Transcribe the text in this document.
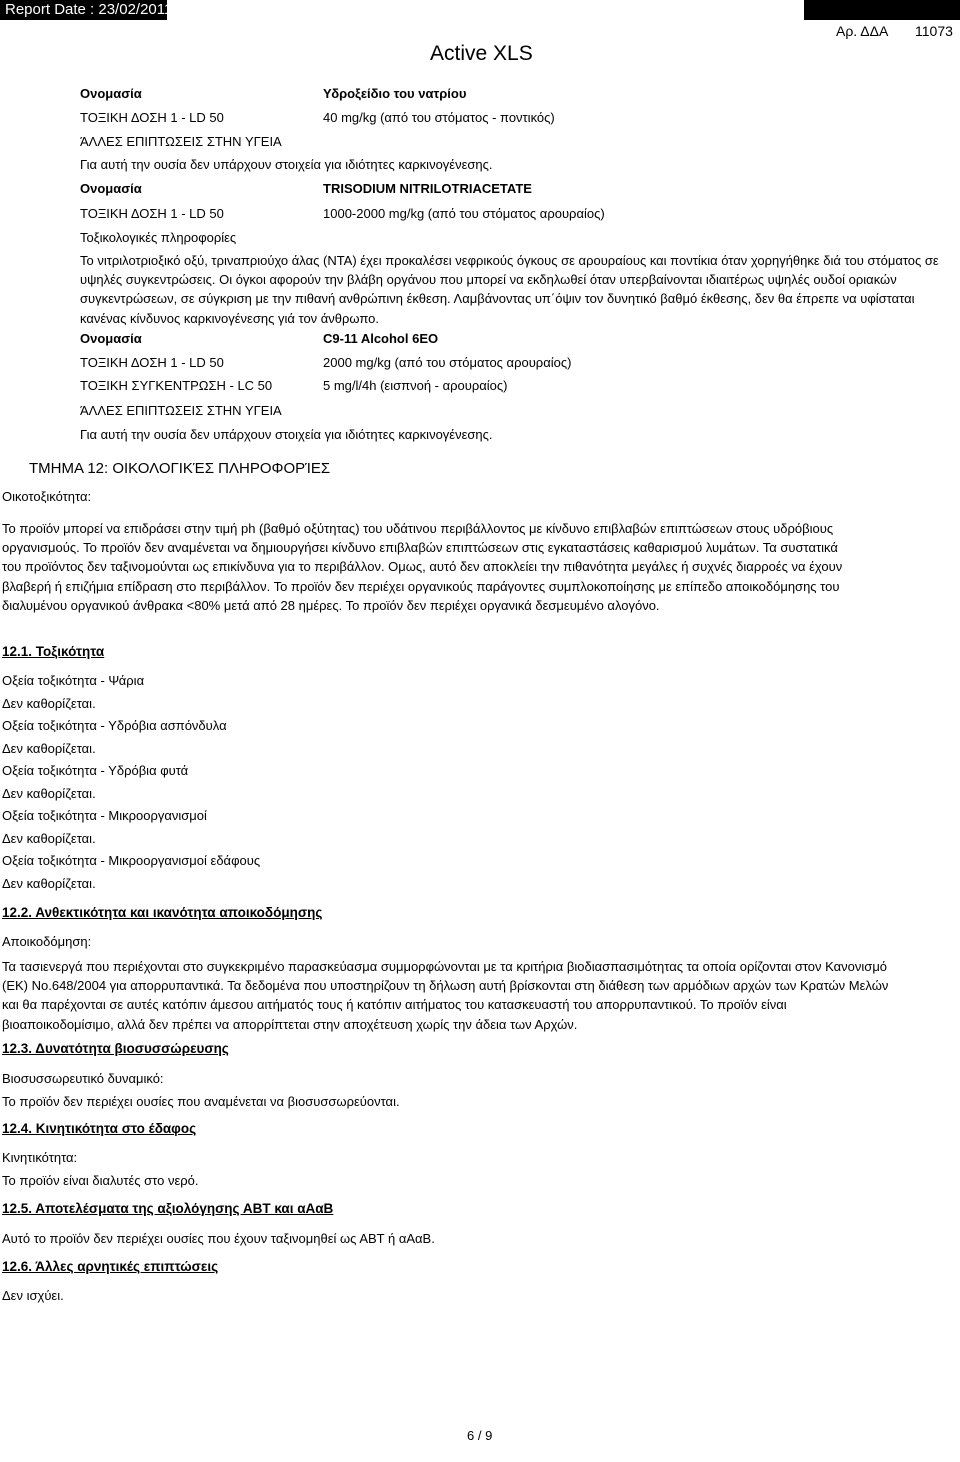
Report Date : 23/02/2011
Αρ. ΔΔΑ 11073
Active XLS
Ονομασία	Υδροξείδιο του νατρίου
ΤΟΞΙΚΗ ΔΟΣΗ 1 - LD 50	40 mg/kg (από του στόματος - ποντικός)
ΆΛΛΕΣ ΕΠΙΠΤΩΣΕΙΣ ΣΤΗΝ ΥΓΕΙΑ
Για αυτή την ουσία δεν υπάρχουν στοιχεία για ιδιότητες καρκινογένεσης.
Ονομασία	TRISODIUM NITRILOTRIACETATE
ΤΟΞΙΚΗ ΔΟΣΗ 1 - LD 50	1000-2000 mg/kg (από του στόματος αρουραίος)
Τοξικολογικές πληροφορίες
Το νιτριλοτριοξικό οξύ, τριναπριούχο άλας (ΝΤΑ) έχει προκαλέσει νεφρικούς όγκους σε αρουραίους και ποντίκια όταν χορηγήθηκε διά του στόματος σε υψηλές συγκεντρώσεις. Οι όγκοι αφορούν την βλάβη οργάνου που μπορεί να εκδηλωθεί όταν υπερβαίνονται ιδιαιτέρως υψηλές ουδοί οριακών συγκεντρώσεων, σε σύγκριση με την πιθανή ανθρώπινη έκθεση. Λαμβάνοντας υπ΄όψιν τον δυνητικό βαθμό έκθεσης, δεν θα έπρεπε να υφίσταται κανένας κίνδυνος καρκινογένεσης γιά τον άνθρωπο.
Ονομασία	C9-11 Alcohol 6EO
ΤΟΞΙΚΗ ΔΟΣΗ 1 - LD 50	2000 mg/kg (από του στόματος αρουραίος)
ΤΟΞΙΚΗ ΣΥΓΚΕΝΤΡΩΣΗ - LC 50	5 mg/l/4h (εισπνοή - αρουραίος)
ΆΛΛΕΣ ΕΠΙΠΤΩΣΕΙΣ ΣΤΗΝ ΥΓΕΙΑ
Για αυτή την ουσία δεν υπάρχουν στοιχεία για ιδιότητες καρκινογένεσης.
ΤΜΗΜΑ 12: ΟΙΚΟΛΟΓΙΚΈΣ ΠΛΗΡΟΦΟΡΊΕΣ
Οικοτοξικότητα:
Το προϊόν μπορεί να επιδράσει στην τιμή ph (βαθμό οξύτητας) του υδάτινου περιβάλλοντος με κίνδυνο επιβλαβών επιπτώσεων στους υδρόβιους οργανισμούς. Το προϊόν δεν αναμένεται να δημιουργήσει κίνδυνο επιβλαβών επιπτώσεων στις εγκαταστάσεις καθαρισμού λυμάτων. Τα συστατικά του προϊόντος δεν ταξινομούνται ως επικίνδυνα για το περιβάλλον. Ομως, αυτό δεν αποκλείει την πιθανότητα μεγάλες ή συχνές διαρροές να έχουν βλαβερή ή επιζήμια επίδραση στο περιβάλλον. Το προϊόν δεν περιέχει οργανικούς παράγοντες συμπλοκοποίησης με επίπεδο αποικοδόμησης του διαλυμένου οργανικού άνθρακα <80% μετά από 28 ημέρες. Το προϊόν δεν περιέχει οργανικά δεσμευμένο αλογόνο.
12.1. Τοξικότητα
Οξεία τοξικότητα - Ψάρια
Δεν καθορίζεται.
Οξεία τοξικότητα - Υδρόβια ασπόνδυλα
Δεν καθορίζεται.
Οξεία τοξικότητα - Υδρόβια φυτά
Δεν καθορίζεται.
Οξεία τοξικότητα - Μικροοργανισμοί
Δεν καθορίζεται.
Οξεία τοξικότητα - Μικροοργανισμοί εδάφους
Δεν καθορίζεται.
12.2. Ανθεκτικότητα και ικανότητα αποικοδόμησης
Αποικοδόμηση:
Τα τασιενεργά που περιέχονται στο συγκεκριμένο παρασκεύασμα συμμορφώνονται με τα κριτήρια βιοδιασπασιμότητας τα οποία ορίζονται στον Κανονισμό (ΕΚ) No.648/2004 για απορρυπαντικά. Τα δεδομένα που υποστηρίζουν τη δήλωση αυτή βρίσκονται στη διάθεση των αρμόδιων αρχών των Κρατών Μελών και θα παρέχονται σε αυτές κατόπιν άμεσου αιτήματός τους ή κατόπιν αιτήματος του κατασκευαστή του απορρυπαντικού. Το προϊόν είναι βιοαποικοδομίσιμο, αλλά δεν πρέπει να απορρίπτεται στην αποχέτευση χωρίς την άδεια των Αρχών.
12.3. Δυνατότητα βιοσυσσώρευσης
Βιοσυσσωρευτικό δυναμικό:
Το προϊόν δεν περιέχει ουσίες που αναμένεται να βιοσυσσωρεύονται.
12.4. Κινητικότητα στο έδαφος
Κινητικότητα:
Το προϊόν είναι διαλυτές στο νερό.
12.5. Αποτελέσματα της αξιολόγησης ΑΒΤ και αΑαΒ
Αυτό το προϊόν δεν περιέχει ουσίες που έχουν ταξινομηθεί ως ΑΒΤ ή αΑαΒ.
12.6. Άλλες αρνητικές επιπτώσεις
Δεν ισχύει.
6 / 9
